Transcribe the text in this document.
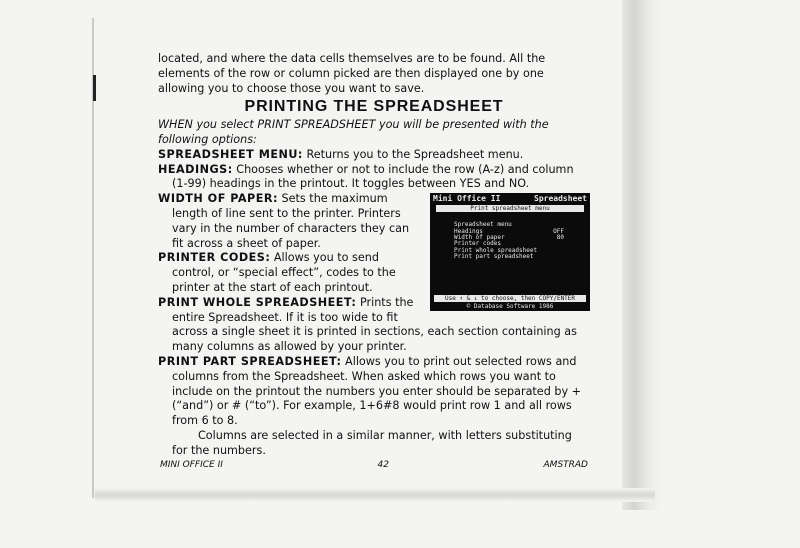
located, and where the data cells themselves are to be found. All the elements of the row or column picked are then displayed one by one allowing you to choose those you want to save.

PRINTING THE SPREADSHEET

WHEN you select PRINT SPREADSHEET you will be presented with the following options:

SPREADSHEET MENU: Returns you to the Spreadsheet menu.

HEADINGS: Chooses whether or not to include the row (A-z) and column (1-99) headings in the printout. It toggles between YES and NO.

Mini Office II	Spreadsheet
Print spreadsheet menu
Spreadsheet menu
Headings	OFF
Width of paper	80
Printer codes
Print whole spreadsheet
Print part spreadsheet
Use ↑ & ↓ to choose, then COPY/ENTER
© Database Software 1986

WIDTH OF PAPER: Sets the maximum length of line sent to the printer. Printers vary in the number of characters they can fit across a sheet of paper.

PRINTER CODES: Allows you to send control, or “special effect”, codes to the printer at the start of each printout.

PRINT WHOLE SPREADSHEET: Prints the entire Spreadsheet. If it is too wide to fit across a single sheet it is printed in sections, each section containing as many columns as allowed by your printer.

PRINT PART SPREADSHEET: Allows you to print out selected rows and columns from the Spreadsheet. When asked which rows you want to include on the printout the numbers you enter should be separated by + (“and”) or # (“to”). For example, 1+6#8 would print row 1 and all rows from 6 to 8.

Columns are selected in a similar manner, with letters substituting for the numbers.

MINI OFFICE II	42	AMSTRAD
